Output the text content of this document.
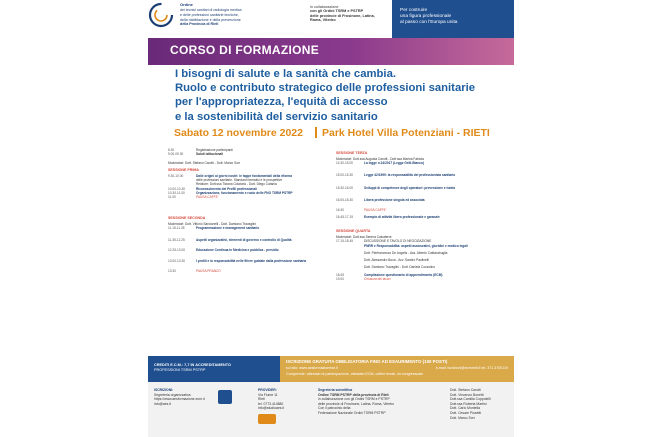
Ordine
dei tecnici sanitari di radiologia medica
e delle professioni sanitarie tecniche,
della riabilitazione e della prevenzione
della Provincia di Rieti
in collaborazione
con gli Ordini TSRM e PSTRP
delle provincie di Frosinone, Latina,
Roma, Viterbo
Per costruire
una figura professionale
al passo con l'Europa unita
CORSO DI FORMAZIONE
I bisogni di salute e la sanità che cambia.
Ruolo e contributo strategico delle professioni sanitarie
per l'appropriatezza, l'equità di accesso
e la sostenibilità del servizio sanitario
Sabato 12 novembre 2022 Park Hotel Villa Potenziani - RIETI
8.30	Registrazione partecipanti
9.00-09.30	Saluti istituzionali
Moderatori: Dott. Stefano Carotti - Dott. Marco Sorr
SESSIONE PRIMA
9.30-10.00	Dalle origini ai giorni nostri: le tappe fondamentali della riforma
delle professioni sanitarie. Standard formativi e le prospettive
Relatore: Dott.ssa Tiziana Colatorio - Dott. Diego Catania
10.00-10.30	Riconoscimento dei Profili professionali
10.30-11.00	Organizzazione, funzionamento e ruolo delle FNO TSRM PSTRP
11.00	PAUSA CAFFE'
SESSIONE SECONDA
Moderatori: Dott. Vittorio Sandonelli - Dott. Damiano Travaglini
11.15-11.35	Programmazione e management sanitario
11.35-12.25	Aspetti organizzativi, elementi di governo e controllo di Qualità
12.25-13.00	Educazione Continua in Medicina e pubblica - presidio
13.00-13.30	I profili e la responsabilità nelle filiere guidate dalla professione sanitaria
13.30	PAUSA PRANZO
SESSIONE TERZA
Moderatori: Dott.ssa Augusta Carotti - Dott.ssa Marina Fabiola
14.30-15.00	La legge n.24/2017 (Legge Gelli-Bianco)
15.00-15.30	Legge 42/1999: la responsabilità del professionista sanitario
15.30-16.00	Sviluppi di competenze degli operatori: prevenzione e tutela
16.00-16.30	Libera professione singola ed associata
16.30	PAUSA CAFFE'
16.45-17.15	Esempio di attività libero professionale e garanzie
SESSIONE QUARTA
Moderatori: Dott.ssa Serena Calcaterra
17.15-18.45	DISCUSSIONE E TAVOLO DI NEGOZIAZIONE
PNRR e Responsabilità: aspetti assicurativi, giuridici e medico legali
Dott. Pierfrancesco De Angelis - Ass. Alberto Caldarabuglia
Dott. Alessandro Bova - Avv. Sandro Paolinelli
Dott. Damiano Travaglini - Dott. Daniela Cozzolino
18.45	Compilazione questionario di apprendimento (ECM)
19.00	Chiusura dei lavori
CREDITI E.C.M.: 7,7 IN ACCREDITAMENTO
PROFESSIONI TSRM PSTRP
ISCRIZIONE GRATUITA OBBLIGATORIA FINO AD ESAURIMENTO (100 POSTI)
sul sito: www.aesformazionesrl.it	e-mail: iscrizioni@tsrmrieti.it tel. 371.3700119
Comprende: attestato di partecipazione, attestato ECM, coffee break, kit congressuale
ISCRIZIONI:
Segreteria organizzativa
https://www.aesformazione-ecm.it
info@aes.it
PROVIDER:
Via Fiume 11
Rieti
tel. 0773.414880
info@studioaes.it
Segreteria scientifica
Ordine TSRM PSTRP della provincia di Rieti
in collaborazione con gli Ordini TSRM e PSTRP
delle provincie di Frosinone, Latina, Roma, Viterbo
Con il patrocinio della
Federazione Nazionale Ordini TSRM PSTRP
Dott. Stefano Carotti
Dott. Vincenzo Bonetti
Dott.ssa Camilla Coppotelli
Dott.ssa Roberta Martini
Dott. Carlo Montella
Dott. Cesare Picaetti
Dott. Marco Sorr
